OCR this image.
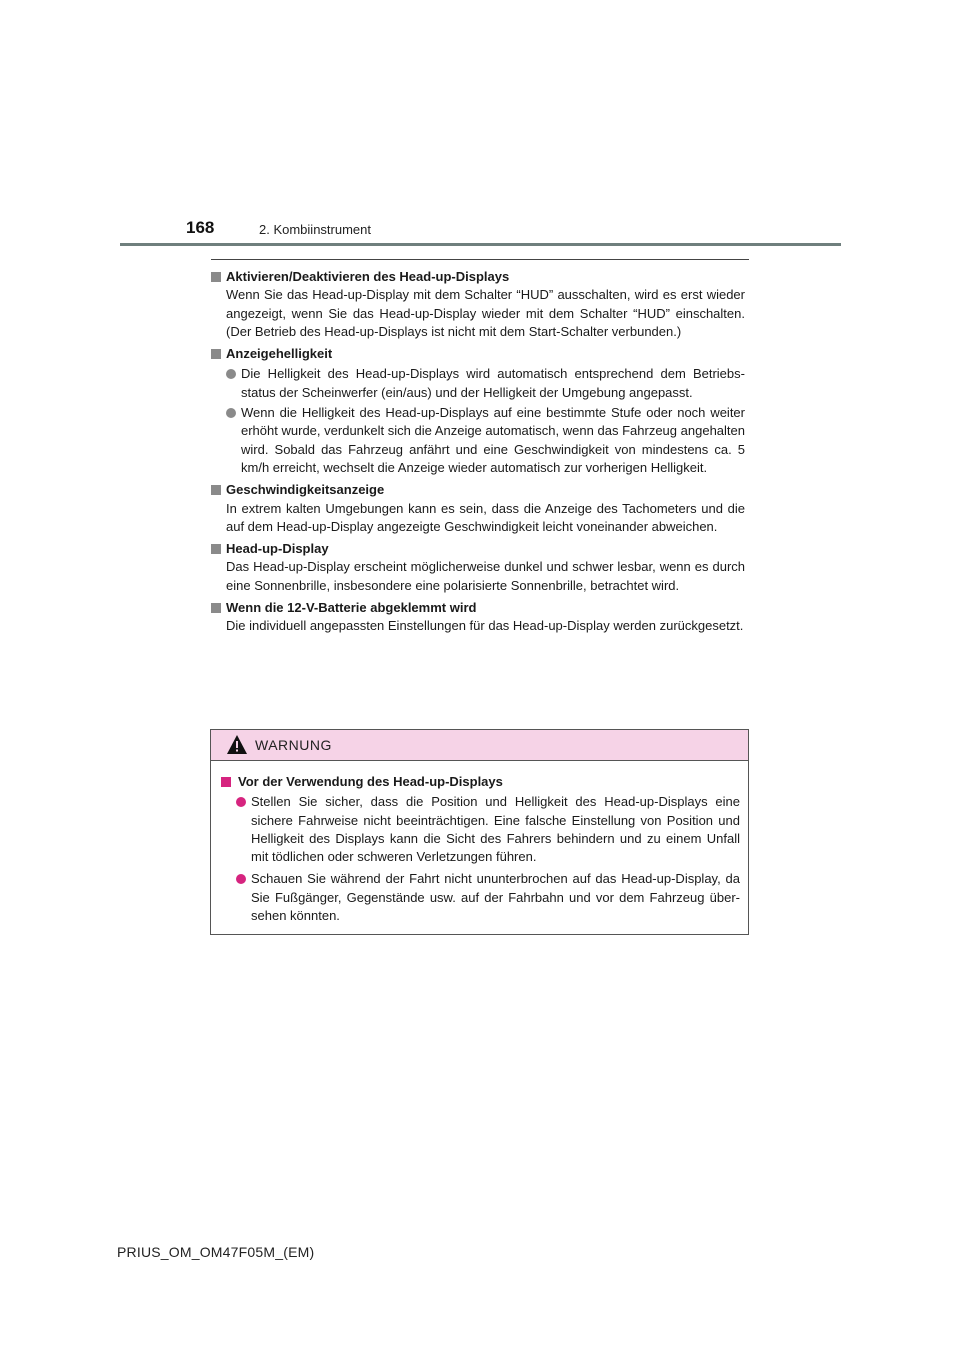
168	2. Kombiinstrument
Aktivieren/Deaktivieren des Head-up-Displays
Wenn Sie das Head-up-Display mit dem Schalter “HUD” ausschalten, wird es erst wieder angezeigt, wenn Sie das Head-up-Display wieder mit dem Schalter “HUD” einschalten. (Der Betrieb des Head-up-Displays ist nicht mit dem Start-Schalter verbunden.)
Anzeigehelligkeit
Die Helligkeit des Head-up-Displays wird automatisch entsprechend dem Betriebsstatus der Scheinwerfer (ein/aus) und der Helligkeit der Umgebung angepasst.
Wenn die Helligkeit des Head-up-Displays auf eine bestimmte Stufe oder noch weiter erhöht wurde, verdunkelt sich die Anzeige automatisch, wenn das Fahrzeug angehalten wird. Sobald das Fahrzeug anfährt und eine Geschwindigkeit von mindestens ca. 5 km/h erreicht, wechselt die Anzeige wieder automatisch zur vorherigen Helligkeit.
Geschwindigkeitsanzeige
In extrem kalten Umgebungen kann es sein, dass die Anzeige des Tachometers und die auf dem Head-up-Display angezeigte Geschwindigkeit leicht voneinander abweichen.
Head-up-Display
Das Head-up-Display erscheint möglicherweise dunkel und schwer lesbar, wenn es durch eine Sonnenbrille, insbesondere eine polarisierte Sonnenbrille, betrachtet wird.
Wenn die 12-V-Batterie abgeklemmt wird
Die individuell angepassten Einstellungen für das Head-up-Display werden zurückgesetzt.
WARNUNG
Vor der Verwendung des Head-up-Displays
Stellen Sie sicher, dass die Position und Helligkeit des Head-up-Displays eine sichere Fahrweise nicht beeinträchtigen. Eine falsche Einstellung von Position und Helligkeit des Displays kann die Sicht des Fahrers behindern und zu einem Unfall mit tödlichen oder schweren Verletzungen führen.
Schauen Sie während der Fahrt nicht ununterbrochen auf das Head-up-Display, da Sie Fußgänger, Gegenstände usw. auf der Fahrbahn und vor dem Fahrzeug übersehen könnten.
PRIUS_OM_OM47F05M_(EM)
